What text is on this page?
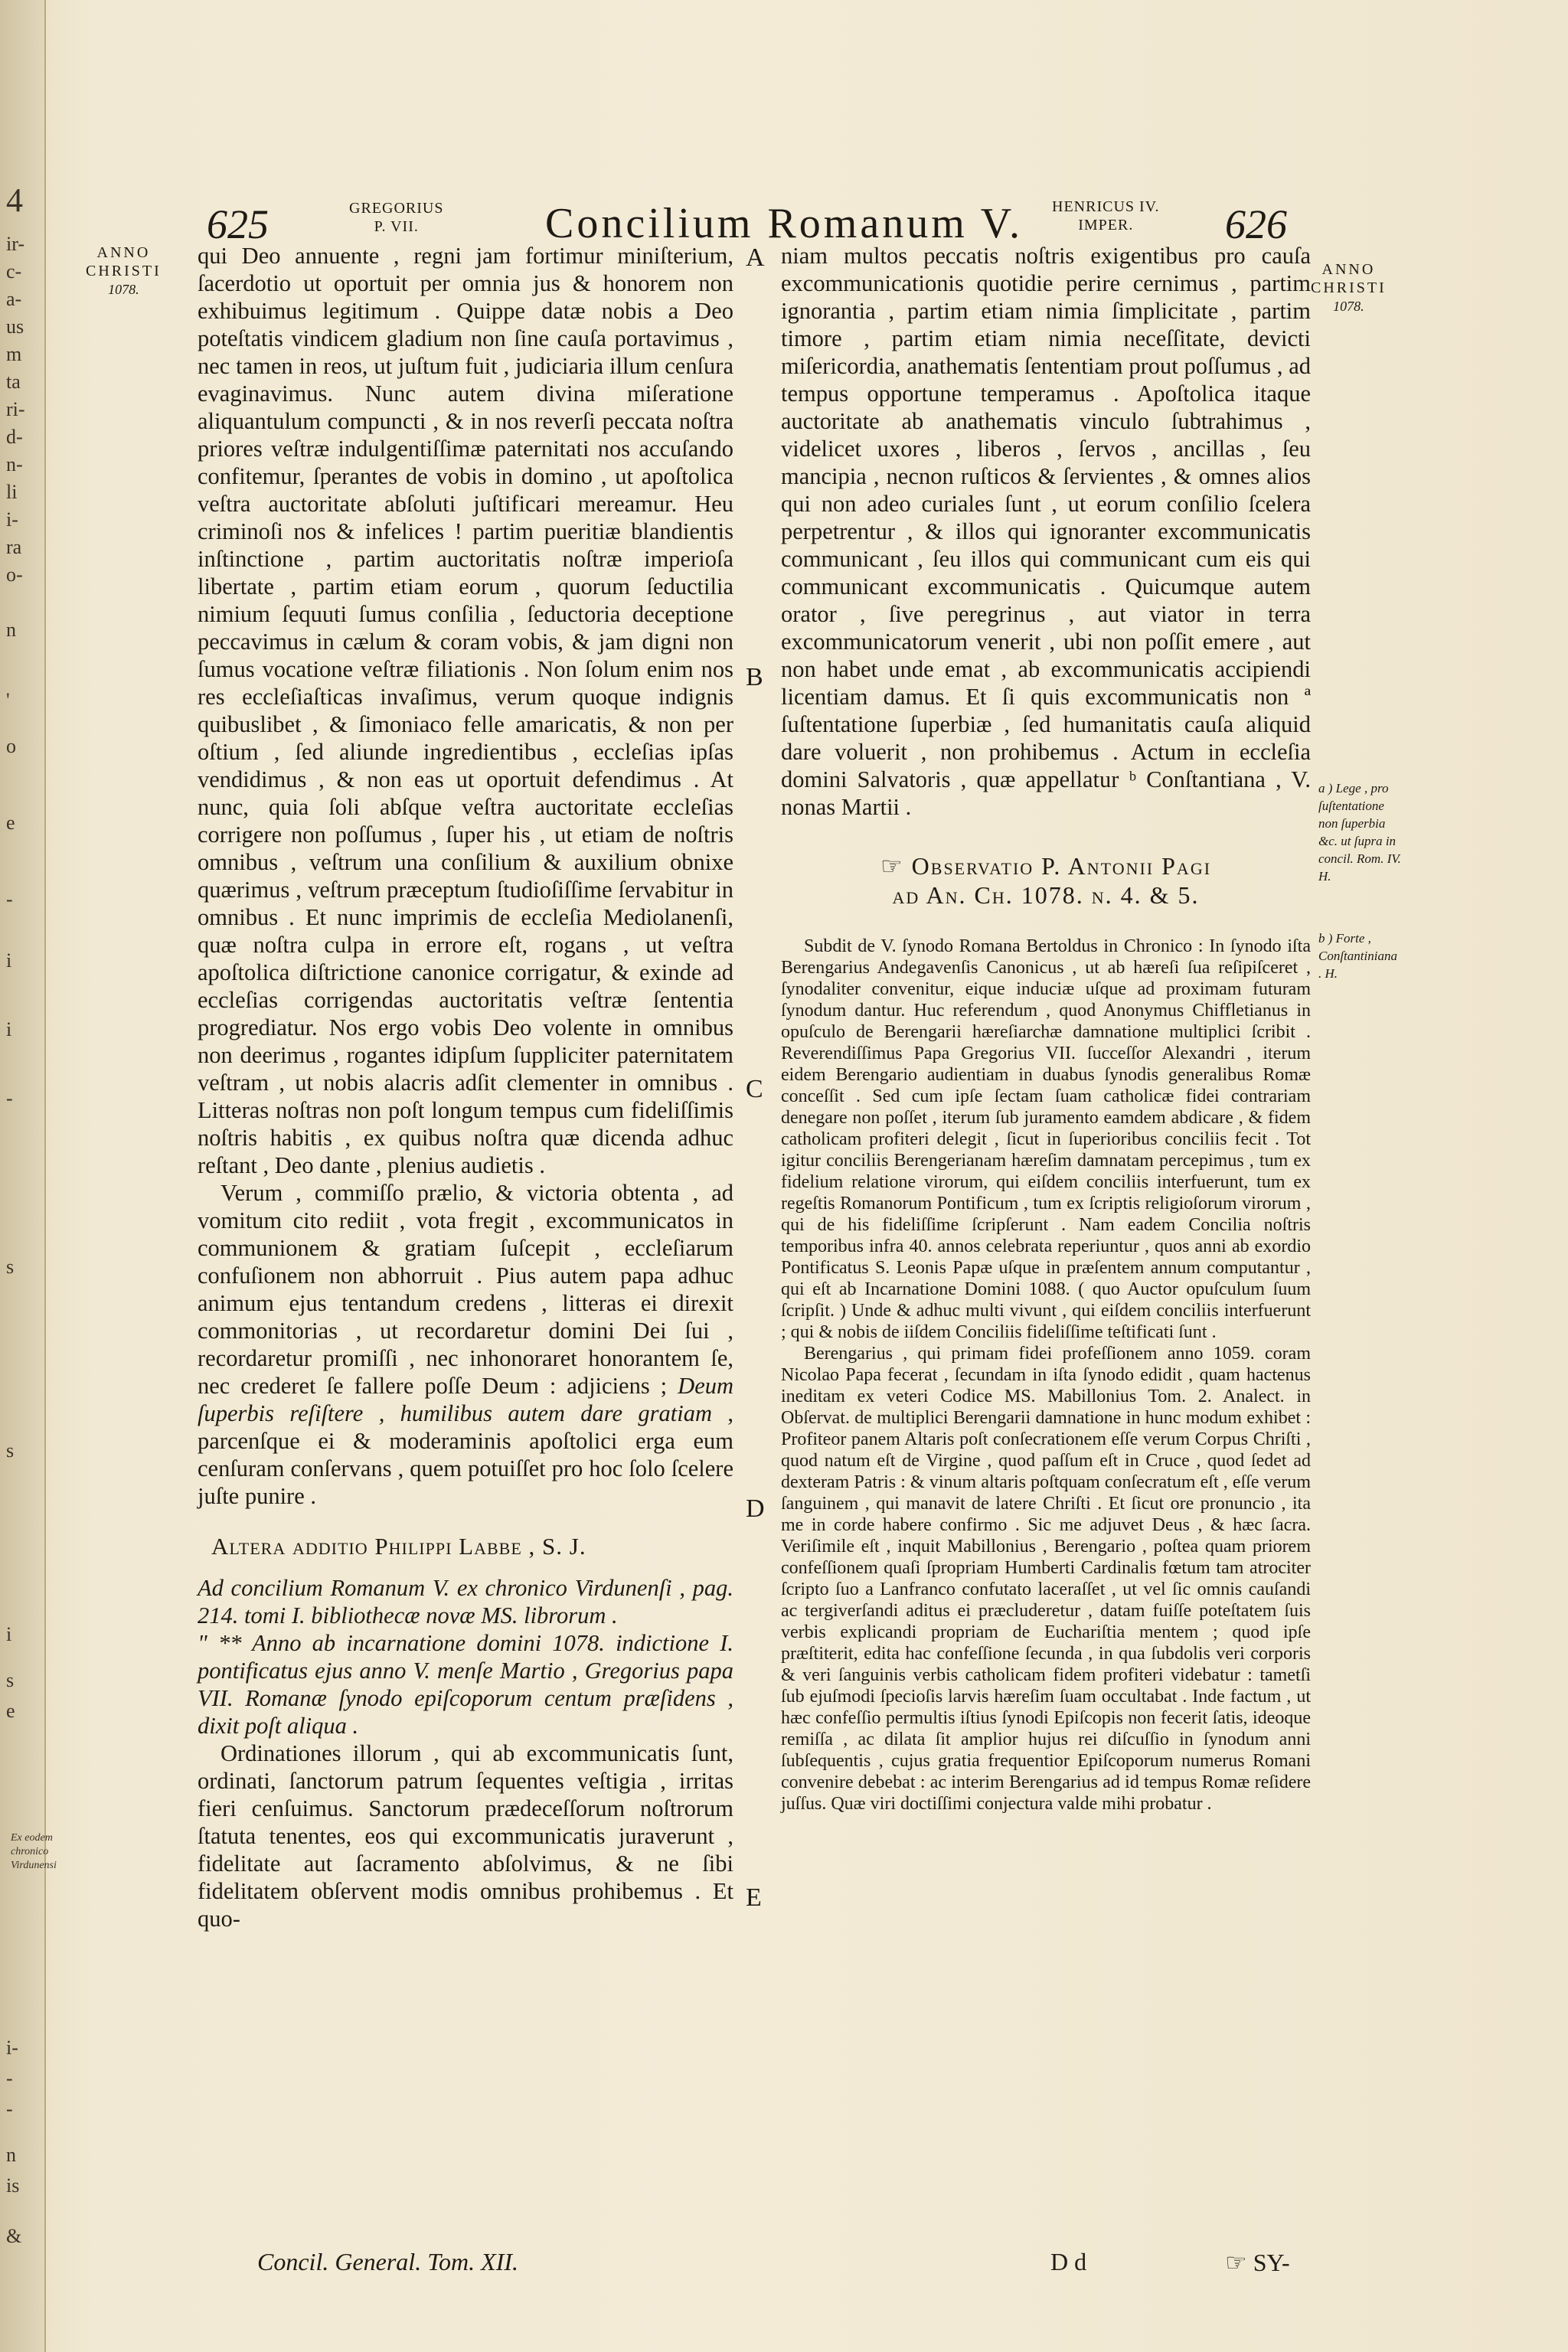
4
ir-
c-
a-
us
m
ta
ri-
d-
n-
li
i-
ra
o-
n
'
o
e
-
i
i
-
s
s
i
s
e
i-
-
-
n
is
&
Ex eodem
chronico
Virdunensi
625	GREGORIUS
P. VII.	Concilium Romanum V. HENRICUS IV.
IMPER.	626
ANNO
CHRISTI
1078.
ANNO
CHRISTI
1078.
A
B
C
D
E

qui Deo annuente , regni jam fortimur miniſterium, ſacerdotio ut oportuit per omnia jus & honorem non exhibuimus legitimum . Quippe datæ nobis a Deo poteſtatis vindicem gladium non ſine cauſa portavimus , nec tamen in reos, ut juſtum fuit , judiciaria illum cenſura evaginavimus. Nunc autem divina miſeratione aliquantulum compuncti , & in nos reverſi peccata noſtra priores veſtræ indulgentiſſimæ paternitati nos accuſando confitemur, ſperantes de vobis in domino , ut apoſtolica veſtra auctoritate abſoluti juſtificari mereamur. Heu criminoſi nos & infelices ! partim pueritiæ blandientis inſtinctione , partim auctoritatis noſtræ imperioſa libertate , partim etiam eorum , quorum ſeductilia nimium ſequuti ſumus conſilia , ſeductoria deceptione peccavimus in cælum & coram vobis, & jam digni non ſumus vocatione veſtræ filiationis . Non ſolum enim nos res eccleſiaſticas invaſimus, verum quoque indignis quibuslibet , & ſimoniaco felle amaricatis, & non per oſtium , ſed aliunde ingredientibus , eccleſias ipſas vendidimus , & non eas ut oportuit defendimus . At nunc, quia ſoli abſque veſtra auctoritate eccleſias corrigere non poſſumus , ſuper his , ut etiam de noſtris omnibus , veſtrum una conſilium & auxilium obnixe quærimus , veſtrum præceptum ſtudioſiſſime ſervabitur in omnibus . Et nunc imprimis de eccleſia Mediolanenſi, quæ noſtra culpa in errore eſt, rogans , ut veſtra apoſtolica diſtrictione canonice corrigatur, & exinde ad eccleſias corrigendas auctoritatis veſtræ ſententia progrediatur. Nos ergo vobis Deo volente in omnibus non deerimus , rogantes idipſum ſuppliciter paternitatem veſtram , ut nobis alacris adſit clementer in omnibus . Litteras noſtras non poſt longum tempus cum fideliſſimis noſtris habitis , ex quibus noſtra quæ dicenda adhuc reſtant , Deo dante , plenius audietis .

Verum , commiſſo prælio, & victoria obtenta , ad vomitum cito rediit , vota fregit , excommunicatos in communionem & gratiam ſuſcepit , eccleſiarum confuſionem non abhorruit . Pius autem papa adhuc animum ejus tentandum credens , litteras ei direxit commonitorias , ut recordaretur domini Dei ſui , recordaretur promiſſi , nec inhonoraret honorantem ſe, nec crederet ſe fallere poſſe Deum : adjiciens ; Deum ſuperbis reſiſtere , humilibus autem dare gratiam , parcenſque ei & moderaminis apoſtolici erga eum cenſuram conſervans , quem potuiſſet pro hoc ſolo ſcelere juſte punire .

Altera additio Philippi Labbe , S. J.

Ad concilium Romanum V. ex chronico Virdunenſi , pag. 214. tomi I. bibliothecæ novæ MS. librorum .

" ** Anno ab incarnatione domini 1078. indictione I. pontificatus ejus anno V. menſe Martio , Gregorius papa VII. Romanæ ſynodo epiſcoporum centum præſidens , dixit poſt aliqua .

Ordinationes illorum , qui ab excommunicatis ſunt, ordinati, ſanctorum patrum ſequentes veſtigia , irritas fieri cenſuimus. Sanctorum prædeceſſorum noſtrorum ſtatuta tenentes, eos qui excommunicatis juraverunt , fidelitate aut ſacramento abſolvimus, & ne ſibi fidelitatem obſervent modis omnibus prohibemus . Et quo-

niam multos peccatis noſtris exigentibus pro cauſa excommunicationis quotidie perire cernimus , partim ignorantia , partim etiam nimia ſimplicitate , partim timore , partim etiam nimia neceſſitate, devicti miſericordia, anathematis ſententiam prout poſſumus , ad tempus opportune temperamus . Apoſtolica itaque auctoritate ab anathematis vinculo ſubtrahimus , videlicet uxores , liberos , ſervos , ancillas , ſeu mancipia , necnon ruſticos & ſervientes , & omnes alios qui non adeo curiales ſunt , ut eorum conſilio ſcelera perpetrentur , & illos qui ignoranter excommunicatis communicant , ſeu illos qui communicant cum eis qui communicant excommunicatis . Quicumque autem orator , ſive peregrinus , aut viator in terra excommunicatorum venerit , ubi non poſſit emere , aut non habet unde emat , ab excommunicatis accipiendi licentiam damus. Et ſi quis excommunicatis non ª ſuſtentatione ſuperbiæ , ſed humanitatis cauſa aliquid dare voluerit , non prohibemus . Actum in eccleſia domini Salvatoris , quæ appellatur ᵇ Conſtantiana , V. nonas Martii .

☞ Observatio P. Antonii Pagi
ad An. Ch. 1078. n. 4. & 5.

Subdit de V. ſynodo Romana Bertoldus in Chronico : In ſynodo iſta Berengarius Andegavenſis Canonicus , ut ab hæreſi ſua reſipiſceret , ſynodaliter convenitur, eique induciæ uſque ad proximam futuram ſynodum dantur. Huc referendum , quod Anonymus Chiffletianus in opuſculo de Berengarii hæreſiarchæ damnatione multiplici ſcribit . Reverendiſſimus Papa Gregorius VII. ſucceſſor Alexandri , iterum eidem Berengario audientiam in duabus ſynodis generalibus Romæ conceſſit . Sed cum ipſe ſectam ſuam catholicæ fidei contrariam denegare non poſſet , iterum ſub juramento eamdem abdicare , & fidem catholicam profiteri delegit , ſicut in ſuperioribus conciliis fecit . Tot igitur conciliis Berengerianam hæreſim damnatam percepimus , tum ex fidelium relatione virorum, qui eiſdem conciliis interfuerunt, tum ex regeſtis Romanorum Pontificum , tum ex ſcriptis religioſorum virorum , qui de his fideliſſime ſcripſerunt . Nam eadem Concilia noſtris temporibus infra 40. annos celebrata reperiuntur , quos anni ab exordio Pontificatus S. Leonis Papæ uſque in præſentem annum computantur , qui eſt ab Incarnatione Domini 1088. ( quo Auctor opuſculum ſuum ſcripſit. ) Unde & adhuc multi vivunt , qui eiſdem conciliis interfuerunt ; qui & nobis de iiſdem Conciliis fideliſſime teſtificati ſunt .

Berengarius , qui primam fidei profeſſionem anno 1059. coram Nicolao Papa fecerat , ſecundam in iſta ſynodo edidit , quam hactenus ineditam ex veteri Codice MS. Mabillonius Tom. 2. Analect. in Obſervat. de multiplici Berengarii damnatione in hunc modum exhibet : Profiteor panem Altaris poſt conſecrationem eſſe verum Corpus Chriſti , quod natum eſt de Virgine , quod paſſum eſt in Cruce , quod ſedet ad dexteram Patris : & vinum altaris poſtquam conſecratum eſt , eſſe verum ſanguinem , qui manavit de latere Chriſti . Et ſicut ore pronuncio , ita me in corde habere confirmo . Sic me adjuvet Deus , & hæc ſacra. Veriſimile eſt , inquit Mabillonius , Berengario , poſtea quam priorem confeſſionem quaſi ſpropriam Humberti Cardinalis fœtum tam atrociter ſcripto ſuo a Lanfranco confutato laceraſſet , ut vel ſic omnis cauſandi ac tergiverſandi aditus ei præcluderetur , datam fuiſſe poteſtatem ſuis verbis explicandi propriam de Euchariſtia mentem ; quod ipſe præſtiterit, edita hac confeſſione ſecunda , in qua ſubdolis veri corporis & veri ſanguinis verbis catholicam fidem profiteri videbatur : tametſi ſub ejuſmodi ſpecioſis larvis hæreſim ſuam occultabat . Inde factum , ut hæc confeſſio permultis iſtius ſynodi Epiſcopis non fecerit ſatis, ideoque remiſſa , ac dilata ſit amplior hujus rei diſcuſſio in ſynodum anni ſubſequentis , cujus gratia frequentior Epiſcoporum numerus Romani convenire debebat : ac interim Berengarius ad id tempus Romæ reſidere juſſus. Quæ viri doctiſſimi conjectura valde mihi probatur .

a ) Lege , pro ſuſtentatione non ſuperbia &c. ut ſupra in concil. Rom. IV. H.
b ) Forte , Conſtantiniana . H.
Concil. General. Tom. XII.	D d	☞ SY-
